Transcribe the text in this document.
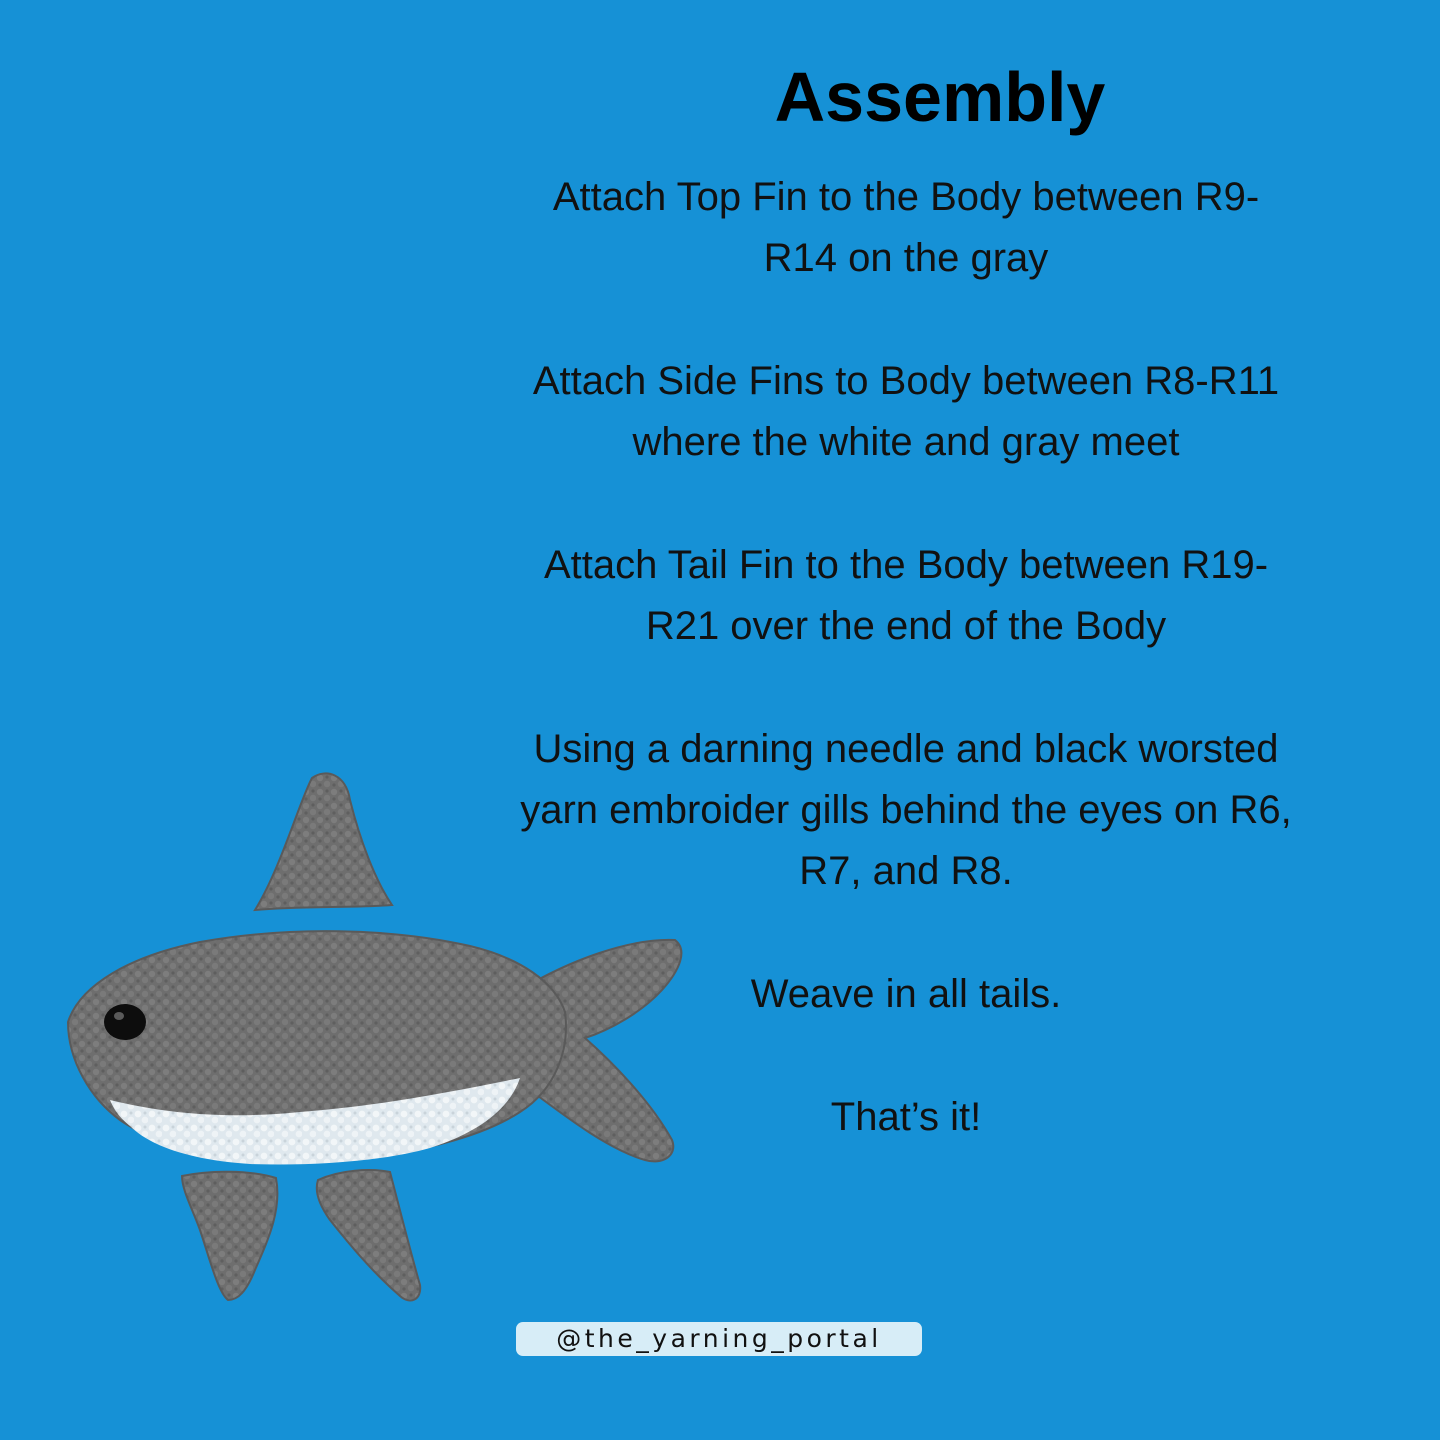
Assembly

Attach Top Fin to the Body between R9-
R14 on the gray

Attach Side Fins to Body between R8-R11
where the white and gray meet

Attach Tail Fin to the Body between R19-
R21 over the end of the Body

Using a darning needle and black worsted
yarn embroider gills behind the eyes on R6,
R7, and R8.

Weave in all tails.

That’s it!

@the_yarning_portal
